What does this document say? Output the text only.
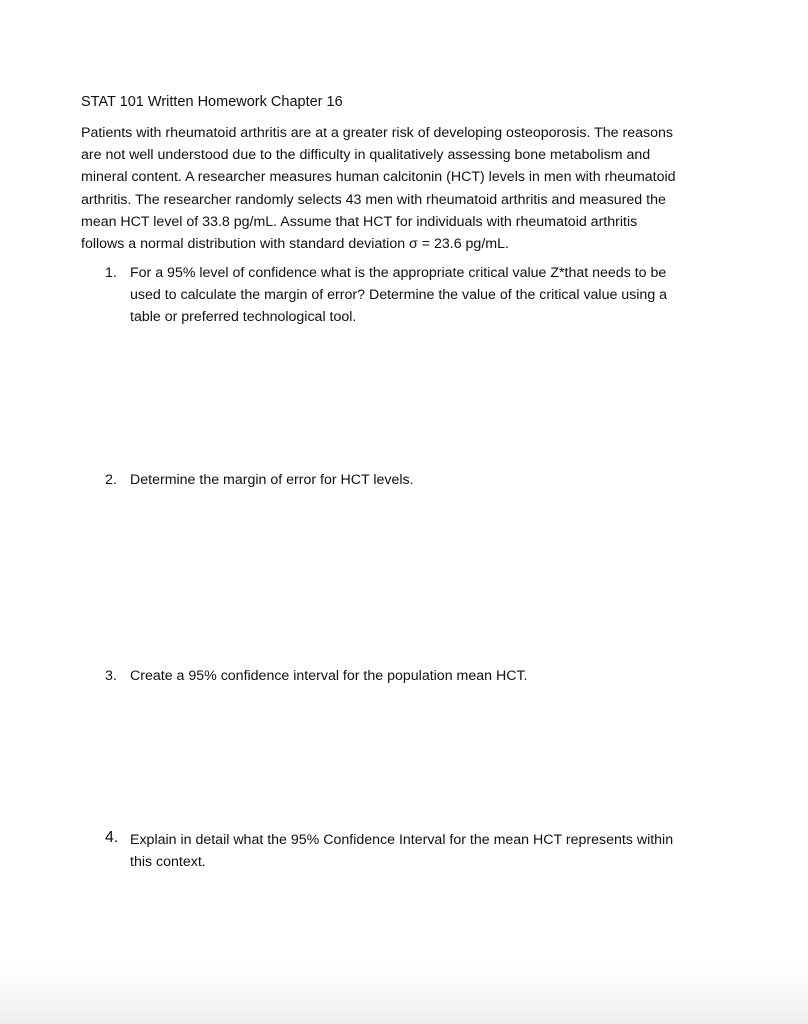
STAT 101 Written Homework Chapter 16
Patients with rheumatoid arthritis are at a greater risk of developing osteoporosis. The reasons
are not well understood due to the difficulty in qualitatively assessing bone metabolism and
mineral content. A researcher measures human calcitonin (HCT) levels in men with rheumatoid
arthritis. The researcher randomly selects 43 men with rheumatoid arthritis and measured the
mean HCT level of 33.8 pg/mL. Assume that HCT for individuals with rheumatoid arthritis
follows a normal distribution with standard deviation σ = 23.6 pg/mL.
1. For a 95% level of confidence what is the appropriate critical value Z*that needs to be
used to calculate the margin of error? Determine the value of the critical value using a
table or preferred technological tool.
2. Determine the margin of error for HCT levels.
3. Create a 95% confidence interval for the population mean HCT.
4. Explain in detail what the 95% Confidence Interval for the mean HCT represents within
this context.
